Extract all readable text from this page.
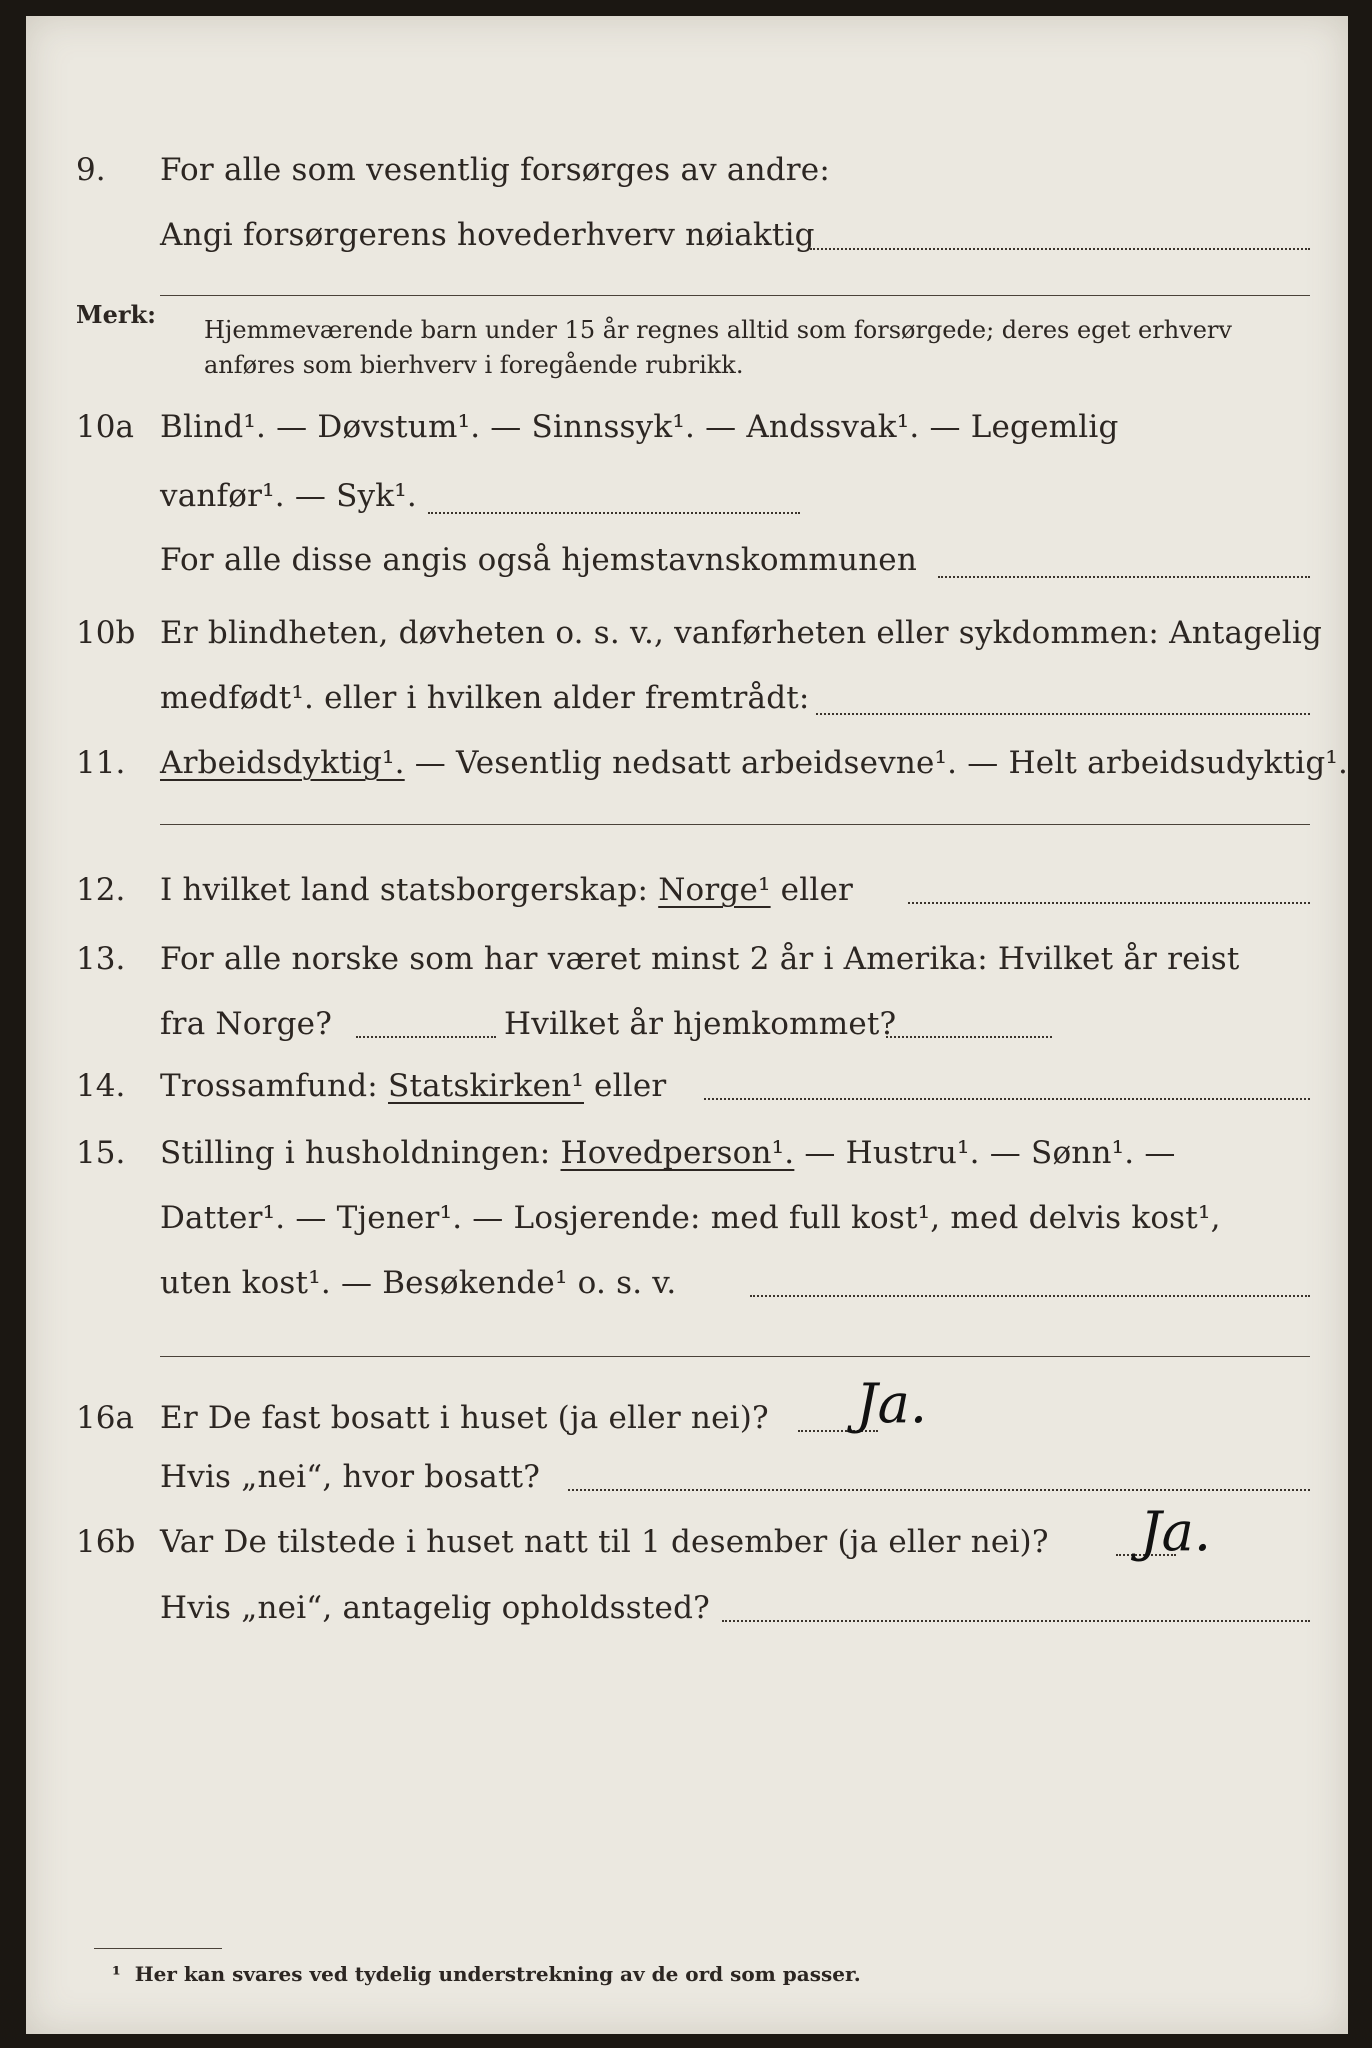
9. For alle som vesentlig forsørges av andre:
Angi forsørgerens hovederhverv nøiaktig
Merk:
Hjemmeværende barn under 15 år regnes alltid som forsørgede; deres eget erhverv
anføres som bierhverv i foregående rubrikk.
10a Blind¹. — Døvstum¹. — Sinnssyk¹. — Andssvak¹. — Legemlig
vanfør¹. — Syk¹.
For alle disse angis også hjemstavnskommunen
10b Er blindheten, døvheten o. s. v., vanførheten eller sykdommen: Antagelig
medfødt¹. eller i hvilken alder fremtrådt:
11. Arbeidsdyktig¹. — Vesentlig nedsatt arbeidsevne¹. — Helt arbeidsudyktig¹.
12. I hvilket land statsborgerskap: Norge¹ eller
13. For alle norske som har været minst 2 år i Amerika: Hvilket år reist
fra Norge?	Hvilket år hjemkommet?
14. Trossamfund: Statskirken¹ eller
15. Stilling i husholdningen: Hovedperson¹. — Hustru¹. — Sønn¹. —
Datter¹. — Tjener¹. — Losjerende: med full kost¹, med delvis kost¹,
uten kost¹. — Besøkende¹ o. s. v.
16a Er De fast bosatt i huset (ja eller nei)? Ja.
Hvis „nei“, hvor bosatt?
16b Var De tilstede i huset natt til 1 desember (ja eller nei)? Ja.
Hvis „nei“, antagelig opholdssted?
¹ Her kan svares ved tydelig understrekning av de ord som passer.
